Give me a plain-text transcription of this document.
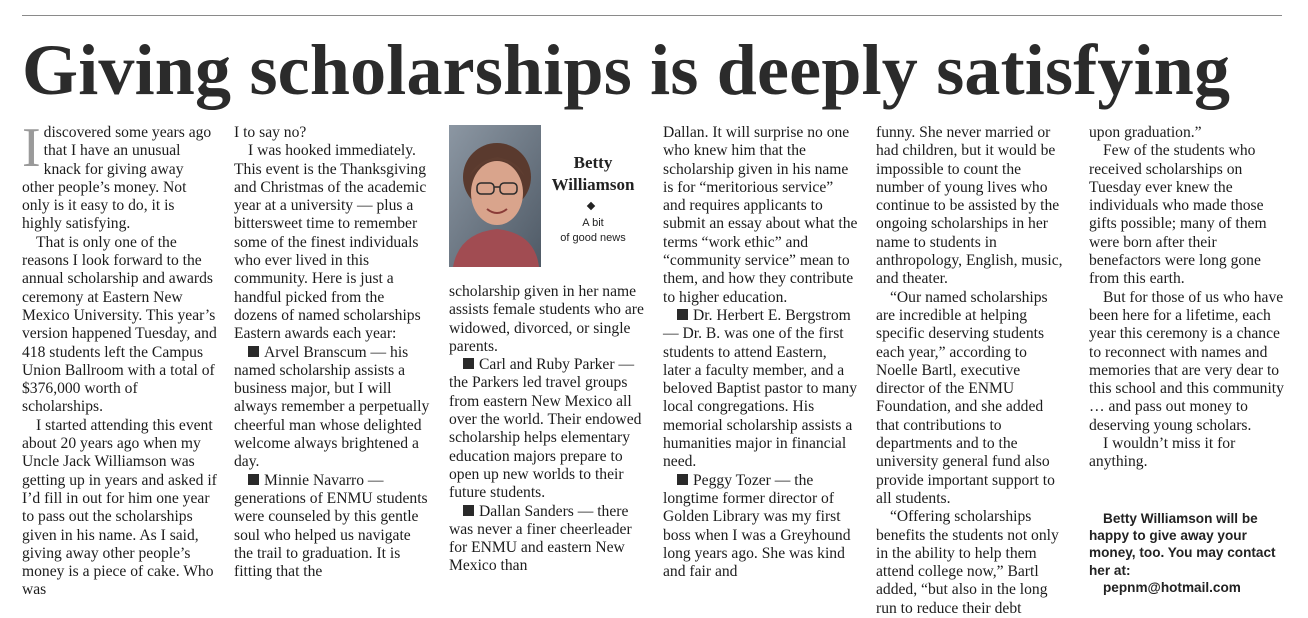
Giving scholarships is deeply satisfying

Idiscovered some years ago that I have an unusual knack for giving away other people’s money. Not only is it easy to do, it is highly satisfying.

That is only one of the reasons I look forward to the annual scholarship and awards ceremony at Eastern New Mexico University. This year’s version happened Tuesday, and 418 students left the Campus Union Ballroom with a total of $376,000 worth of scholarships.

I started attending this event about 20 years ago when my Uncle Jack Williamson was getting up in years and asked if I’d fill in out for him one year to pass out the scholarships given in his name. As I said, giving away other people’s money is a piece of cake. Who was

I to say no?

I was hooked immediately. This event is the Thanksgiving and Christmas of the academic year at a university — plus a bittersweet time to remember some of the finest individuals who ever lived in this community. Here is just a handful picked from the dozens of named scholarships Eastern awards each year:

Arvel Branscum — his named scholarship assists a business major, but I will always remember a perpetually cheerful man whose delighted welcome always brightened a day.

Minnie Navarro — generations of ENMU students were counseled by this gentle soul who helped us navigate the trail to graduation. It is fitting that the

Betty
Williamson
A bit
of good news

scholarship given in her name assists female students who are widowed, divorced, or single parents.

Carl and Ruby Parker — the Parkers led travel groups from eastern New Mexico all over the world. Their endowed scholarship helps elementary education majors prepare to open up new worlds to their future students.

Dallan Sanders — there was never a finer cheerleader for ENMU and eastern New Mexico than

Dallan. It will surprise no one who knew him that the scholarship given in his name is for “meritorious service” and requires applicants to submit an essay about what the terms “work ethic” and “community service” mean to them, and how they contribute to higher education.

Dr. Herbert E. Bergstrom — Dr. B. was one of the first students to attend Eastern, later a faculty member, and a beloved Baptist pastor to many local congregations. His memorial scholarship assists a humanities major in financial need.

Peggy Tozer — the longtime former director of Golden Library was my first boss when I was a Greyhound long years ago. She was kind and fair and

funny. She never married or had children, but it would be impossible to count the number of young lives who continue to be assisted by the ongoing scholarships in her name to students in anthropology, English, music, and theater.

“Our named scholarships are incredible at helping specific deserving students each year,” according to Noelle Bartl, executive director of the ENMU Foundation, and she added that contributions to departments and to the university general fund also provide important support to all students.

“Offering scholarships benefits the students not only in the ability to help them attend college now,” Bartl added, “but also in the long run to reduce their debt

upon graduation.”

Few of the students who received scholarships on Tuesday ever knew the individuals who made those gifts possible; many of them were born after their benefactors were long gone from this earth.

But for those of us who have been here for a lifetime, each year this ceremony is a chance to reconnect with names and memories that are very dear to this school and this community … and pass out money to deserving young scholars.

I wouldn’t miss it for anything.

Betty Williamson will be happy to give away your money, too. You may contact her at:

pepnm@hotmail.com
